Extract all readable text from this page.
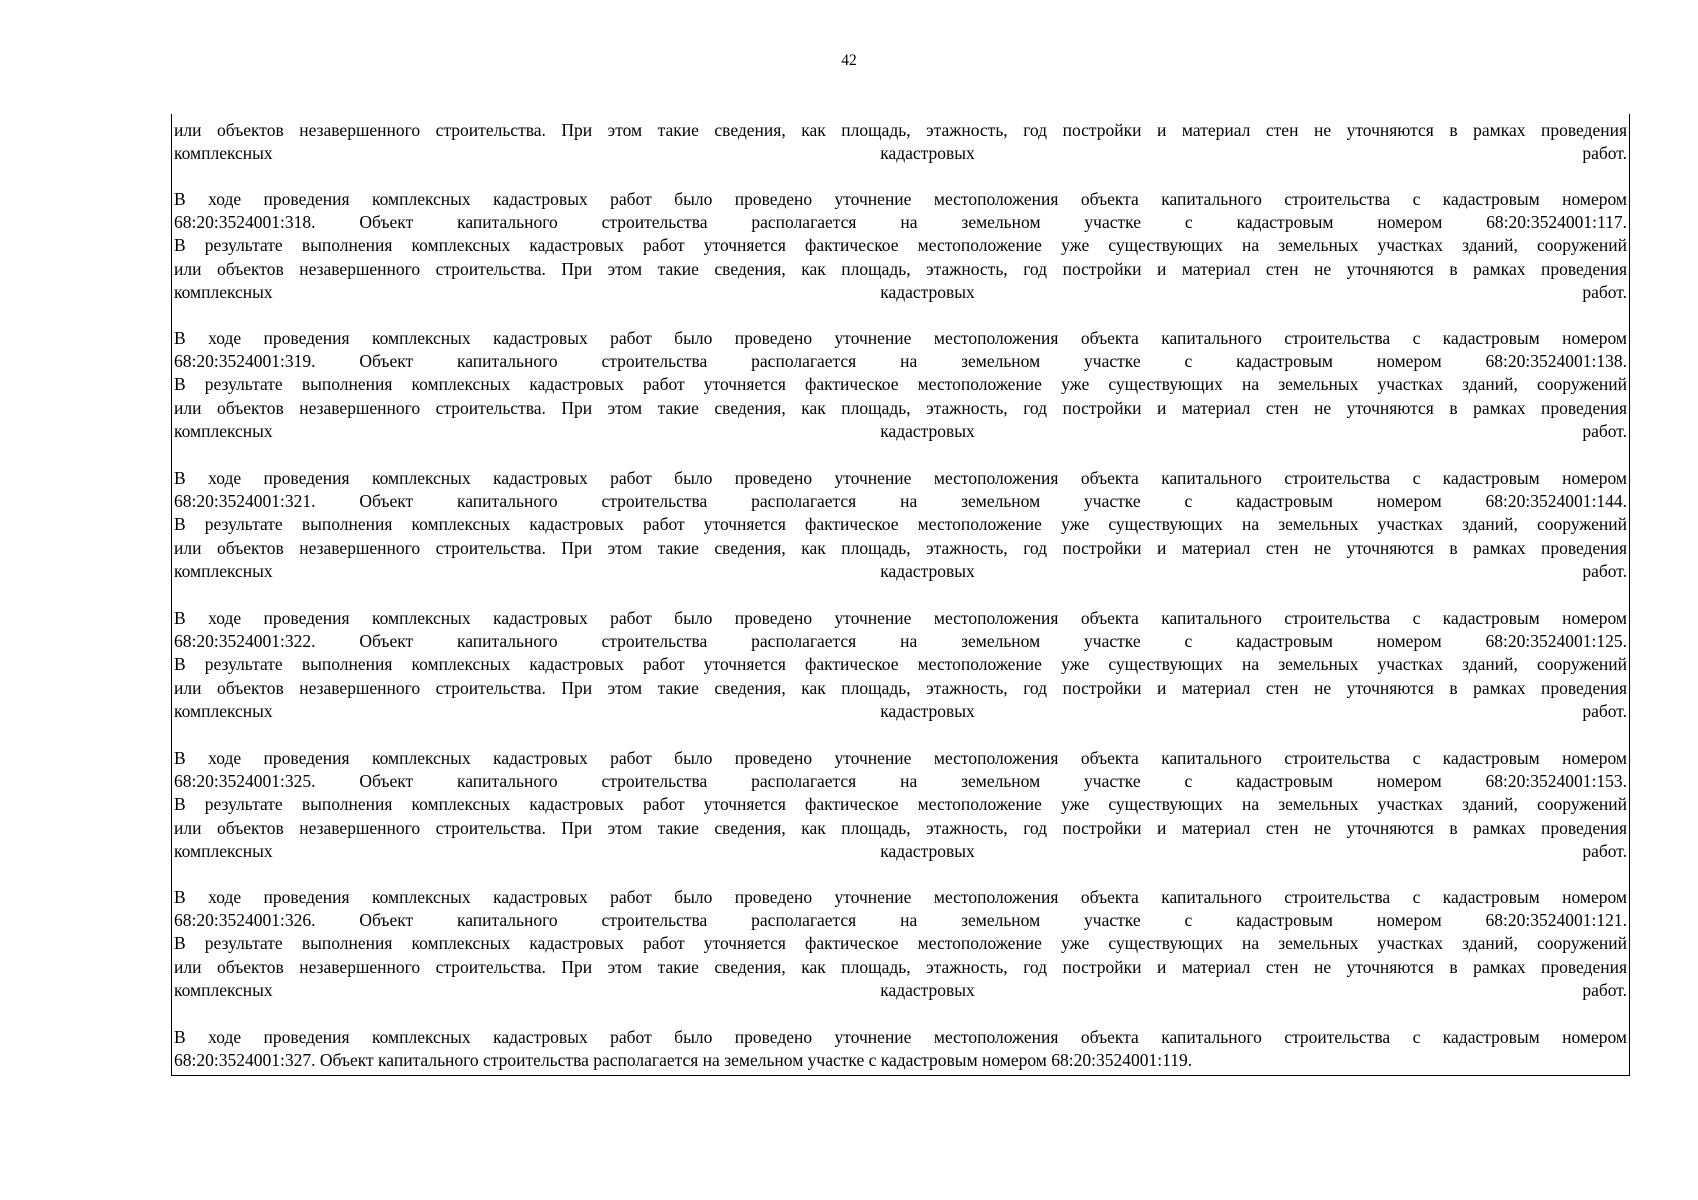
42
или объектов незавершенного строительства. При этом такие сведения, как площадь, этажность, год постройки и материал стен не уточняются в рамках проведения
комплексных кадастровых работ.
В ходе проведения комплексных кадастровых работ было проведено уточнение местоположения объекта капитального строительства с кадастровым номером
68:20:3524001:318. Объект капитального строительства располагается на земельном участке с кадастровым номером 68:20:3524001:117.
В результате выполнения комплексных кадастровых работ уточняется фактическое местоположение уже существующих на земельных участках зданий, сооружений
или объектов незавершенного строительства. При этом такие сведения, как площадь, этажность, год постройки и материал стен не уточняются в рамках проведения
комплексных кадастровых работ.
В ходе проведения комплексных кадастровых работ было проведено уточнение местоположения объекта капитального строительства с кадастровым номером
68:20:3524001:319. Объект капитального строительства располагается на земельном участке с кадастровым номером 68:20:3524001:138.
В результате выполнения комплексных кадастровых работ уточняется фактическое местоположение уже существующих на земельных участках зданий, сооружений
или объектов незавершенного строительства. При этом такие сведения, как площадь, этажность, год постройки и материал стен не уточняются в рамках проведения
комплексных кадастровых работ.
В ходе проведения комплексных кадастровых работ было проведено уточнение местоположения объекта капитального строительства с кадастровым номером
68:20:3524001:321. Объект капитального строительства располагается на земельном участке с кадастровым номером 68:20:3524001:144.
В результате выполнения комплексных кадастровых работ уточняется фактическое местоположение уже существующих на земельных участках зданий, сооружений
или объектов незавершенного строительства. При этом такие сведения, как площадь, этажность, год постройки и материал стен не уточняются в рамках проведения
комплексных кадастровых работ.
В ходе проведения комплексных кадастровых работ было проведено уточнение местоположения объекта капитального строительства с кадастровым номером
68:20:3524001:322. Объект капитального строительства располагается на земельном участке с кадастровым номером 68:20:3524001:125.
В результате выполнения комплексных кадастровых работ уточняется фактическое местоположение уже существующих на земельных участках зданий, сооружений
или объектов незавершенного строительства. При этом такие сведения, как площадь, этажность, год постройки и материал стен не уточняются в рамках проведения
комплексных кадастровых работ.
В ходе проведения комплексных кадастровых работ было проведено уточнение местоположения объекта капитального строительства с кадастровым номером
68:20:3524001:325. Объект капитального строительства располагается на земельном участке с кадастровым номером 68:20:3524001:153.
В результате выполнения комплексных кадастровых работ уточняется фактическое местоположение уже существующих на земельных участках зданий, сооружений
или объектов незавершенного строительства. При этом такие сведения, как площадь, этажность, год постройки и материал стен не уточняются в рамках проведения
комплексных кадастровых работ.
В ходе проведения комплексных кадастровых работ было проведено уточнение местоположения объекта капитального строительства с кадастровым номером
68:20:3524001:326. Объект капитального строительства располагается на земельном участке с кадастровым номером 68:20:3524001:121.
В результате выполнения комплексных кадастровых работ уточняется фактическое местоположение уже существующих на земельных участках зданий, сооружений
или объектов незавершенного строительства. При этом такие сведения, как площадь, этажность, год постройки и материал стен не уточняются в рамках проведения
комплексных кадастровых работ.
В ходе проведения комплексных кадастровых работ было проведено уточнение местоположения объекта капитального строительства с кадастровым номером
68:20:3524001:327. Объект капитального строительства располагается на земельном участке с кадастровым номером 68:20:3524001:119.
